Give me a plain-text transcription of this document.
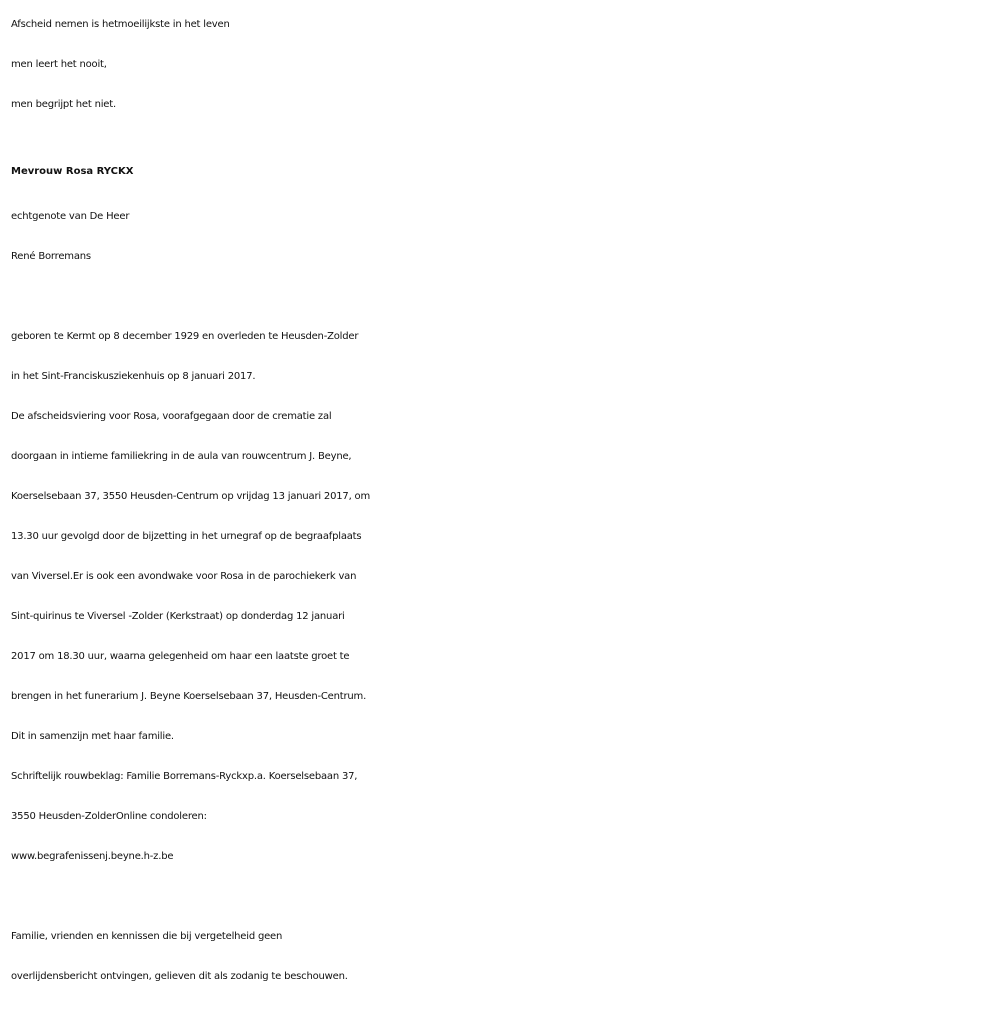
Afscheid nemen is hetmoeilijkste in het leven
men leert het nooit,
men begrijpt het niet.
Mevrouw Rosa RYCKX
echtgenote van De Heer
René Borremans
geboren te Kermt op 8 december 1929 en overleden te Heusden-Zolder
in het Sint-Franciskusziekenhuis op 8 januari 2017.
De afscheidsviering voor Rosa, voorafgegaan door de crematie zal
doorgaan in intieme familiekring in de aula van rouwcentrum J. Beyne,
Koerselsebaan 37, 3550 Heusden-Centrum op vrijdag 13 januari 2017, om
13.30 uur gevolgd door de bijzetting in het urnegraf op de begraafplaats
van Viversel.Er is ook een avondwake voor Rosa in de parochiekerk van
Sint-quirinus te Viversel -Zolder (Kerkstraat) op donderdag 12 januari
2017 om 18.30 uur, waarna gelegenheid om haar een laatste groet te
brengen in het funerarium J. Beyne Koerselsebaan 37, Heusden-Centrum.
Dit in samenzijn met haar familie.
Schriftelijk rouwbeklag: Familie Borremans-Ryckxp.a. Koerselsebaan 37,
3550 Heusden-ZolderOnline condoleren:
www.begrafenissenj.beyne.h-z.be
Familie, vrienden en kennissen die bij vergetelheid geen
overlijdensbericht ontvingen, gelieven dit als zodanig te beschouwen.
